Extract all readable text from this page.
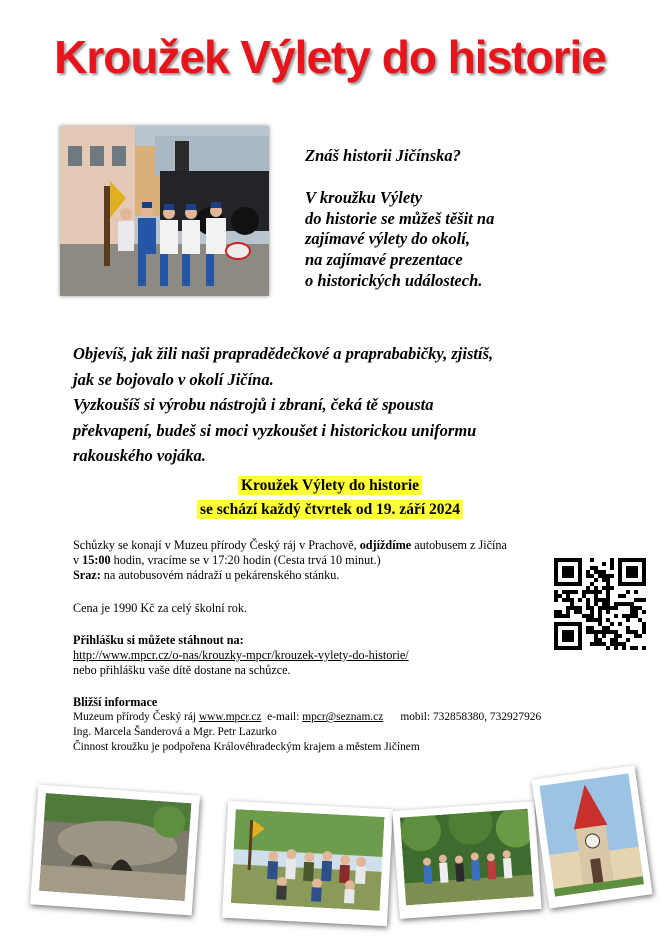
Kroužek Výlety do historie

Znáš historii Jičínska?

V kroužku Výlety

do historie se můžeš těšit na

zajímavé výlety do okolí,

na zajímavé prezentace

o historických událostech.

Objevíš, jak žili naši prapradědečkové a praprababičky, zjistíš,

jak se bojovalo v okolí Jičína.

Vyzkoušíš si výrobu nástrojů i zbraní, čeká tě spousta

překvapení, budeš si moci vyzkoušet i historickou uniformu

rakouského vojáka.

Kroužek Výlety do historie
se schází každý čtvrtek od 19. září 2024

Schůzky se konají v Muzeu přírody Český ráj v Prachově, odjíždíme autobusem z Jičína

v 15:00 hodin, vracíme se v 17:20 hodin (Cesta trvá 10 minut.)

Sraz: na autobusovém nádraží u pekárenského stánku.

Cena je 1990 Kč za celý školní rok.

Přihlášku si můžete stáhnout na:

http://www.mpcr.cz/o-nas/krouzky-mpcr/krouzek-vylety-do-historie/

nebo přihlášku vaše dítě dostane na schůzce.

Bližší informace

Muzeum přírody Český ráj www.mpcr.cz  e-mail: mpcr@seznam.cz      mobil: 732858380, 732927926

Ing. Marcela Šanderová a Mgr. Petr Lazurko

Činnost kroužku je podpořena Královéhradeckým krajem a městem Jičínem
